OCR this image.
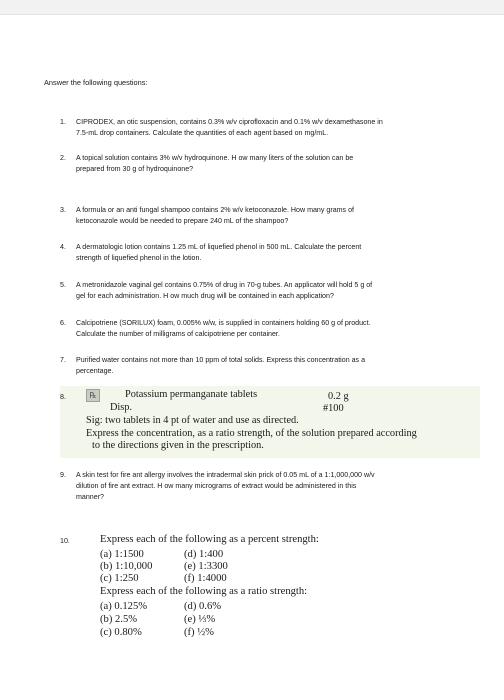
Answer the following questions:
1. CIPRODEX, an otic suspension, contains 0.3% w/v ciprofloxacin and 0.1% w/v dexamethasone in
7.5-mL drop containers. Calculate the quantities of each agent based on mg/mL.
2. A topical solution contains 3% w/v hydroquinone. H ow many liters of the solution can be
prepared from 30 g of hydroquinone?
3. A formula or an anti fungal shampoo contains 2% w/v ketoconazole. How many grams of
ketoconazole would be needed to prepare 240 mL of the shampoo?
4. A dermatologic lotion contains 1.25 mL of liquefied phenol in 500 mL. Calculate the percent
strength of liquefied phenol in the lotion.
5. A metronidazole vaginal gel contains 0.75% of drug in 70-g tubes. An applicator will hold 5 g of
gel for each administration. H ow much drug will be contained in each application?
6. Calcipotriene (SORILUX) foam, 0.005% w/w, is supplied in containers holding 60 g of product.
Calculate the number of milligrams of calcipotriene per container.
7. Purified water contains not more than 10 ppm of total solids. Express this concentration as a
percentage.
8.	℞	Potassium permanganate tablets	0.2 g
Disp.	#100
Sig: two tablets in 4 pt of water and use as directed.
Express the concentration, as a ratio strength, of the solution prepared according
to the directions given in the prescription.
9. A skin test for fire ant allergy involves the intradermal skin prick of 0.05 mL of a 1:1,000,000 w/v
dilution of fire ant extract. H ow many micrograms of extract would be administered in this
manner?
10.	Express each of the following as a percent strength:
(a) 1:1500	(d) 1:400
(b) 1:10,000	(e) 1:3300
(c) 1:250	(f) 1:4000
Express each of the following as a ratio strength:
(a) 0.125%	(d) 0.6%
(b) 2.5%	(e) ⅓%
(c) 0.80%	(f) ½%
